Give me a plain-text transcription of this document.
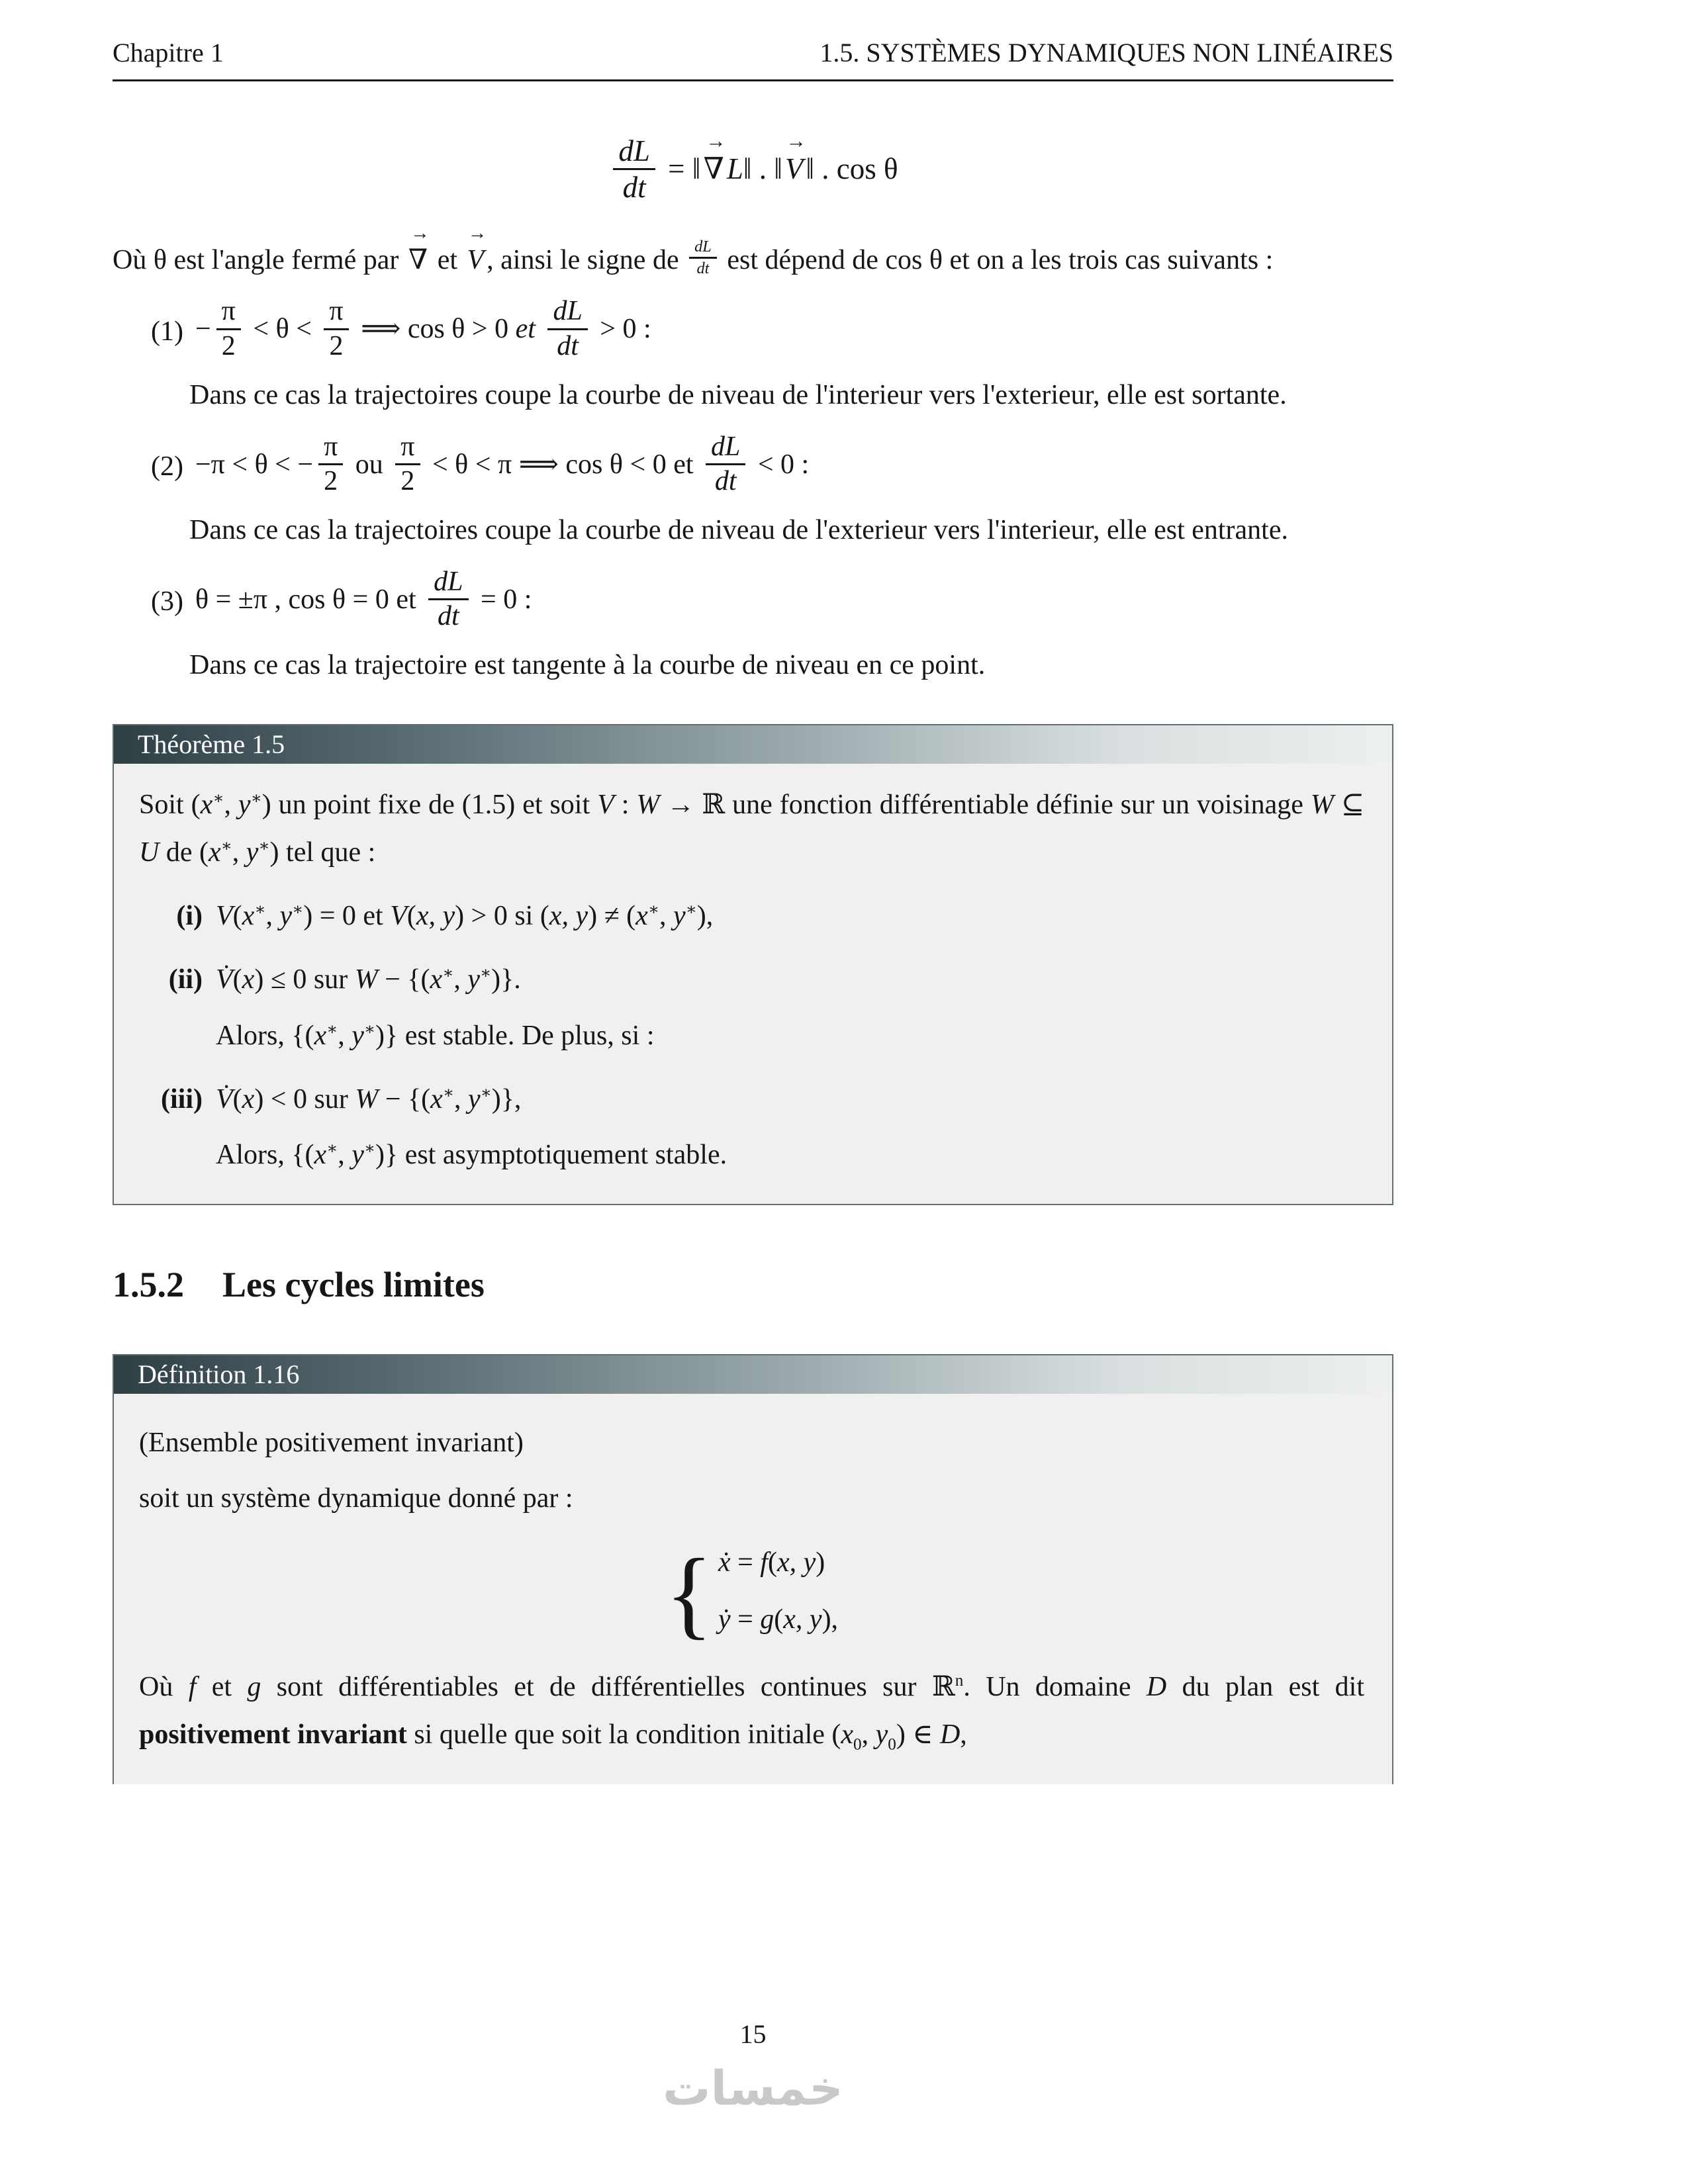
Chapitre 1	1.5. SYSTÈMES DYNAMIQUES NON LINÉAIRES
$\frac{dL}{dt}$ = ‖
→
∇L‖ . ‖
→
V‖ . cos θ

Où θ est l'angle fermé par
→
∇ et
→
V, ainsi le signe de $\frac{dL}{dt}$ est dépend de cos θ et on a les trois cas suivants :

$(1) - \frac{\pi}{2} < \theta < \frac{\pi}{2}$ ⟹ cos θ > 0 et $\frac{dL}{dt} > 0$ :

Dans ce cas la trajectoires coupe la courbe de niveau de l'interieur vers l'exterieur, elle est sortante.

(2) −π < θ < − $\frac{\pi}{2}$ ou $\frac{\pi}{2} < \theta < \pi$ ⟹ cos θ < 0 et $\frac{dL}{dt} < 0$ :

Dans ce cas la trajectoires coupe la courbe de niveau de l'exterieur vers l'interieur, elle est entrante.

(3) θ = ±π , cos θ = 0 et $\frac{dL}{dt} = 0$ :

Dans ce cas la trajectoire est tangente à la courbe de niveau en ce point.

Théorème 1.5

Soit (x∗, y∗) un point fixe de (1.5) et soit V : W → ℝ une fonction différentiable définie sur un voisinage W ⊆ U de (x∗, y∗) tel que :

(i) V(x∗, y∗) = 0 et V(x, y) > 0 si (x, y) ≠ (x∗, y∗),
(ii) V̇(x) ≤ 0 sur W − {(x∗, y∗)}.

Alors, {(x∗, y∗)} est stable. De plus, si :

(iii) V̇(x) < 0 sur W − {(x∗, y∗)},

Alors, {(x∗, y∗)} est asymptotiquement stable.

1.5.2 Les cycles limites
Définition 1.16

(Ensemble positivement invariant)

soit un système dynamique donné par :

{ ẋ = f(x, y)
ẏ = g(x, y),

Où f et g sont différentiables et de différentielles continues sur ℝ$^n$. Un domaine D du plan est dit positivement invariant si quelle que soit la condition initiale ($x_0$, $y_0$) ∈ D,

15
خمسات
